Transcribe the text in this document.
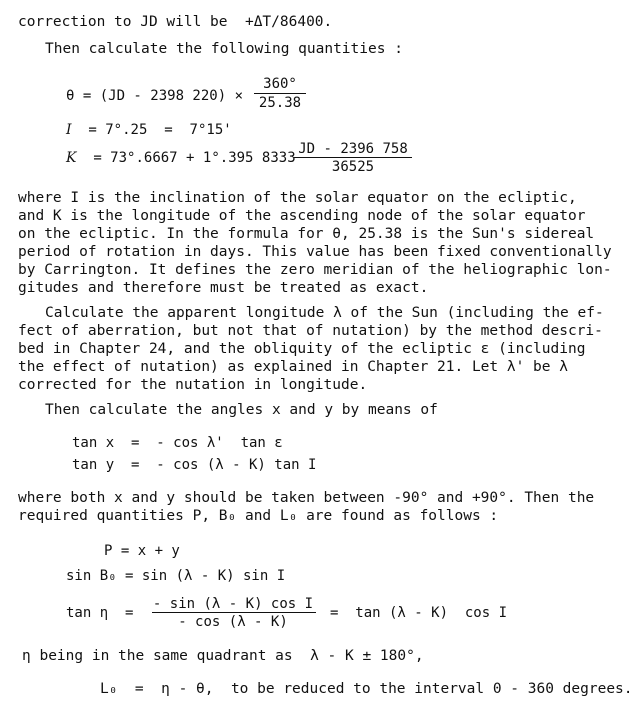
correction to JD will be  +ΔT/86400.
Then calculate the following quantities :
θ = (JD - 2398 220) ×
360°
25.38
I = 7°.25  =  7°15'
K = 73°.6667 + 1°.395 8333
JD - 2396 758
36525
where I is the inclination of the solar equator on the ecliptic,
and K is the longitude of the ascending node of the solar equator
on the ecliptic. In the formula for θ, 25.38 is the Sun's sidereal
period of rotation in days. This value has been fixed conventionally
by Carrington. It defines the zero meridian of the heliographic lon-
gitudes and therefore must be treated as exact.
Calculate the apparent longitude λ of the Sun (including the ef-
fect of aberration, but not that of nutation) by the method descri-
bed in Chapter 24, and the obliquity of the ecliptic ε (including
the effect of nutation) as explained in Chapter 21. Let λ' be λ
corrected for the nutation in longitude.
Then calculate the angles x and y by means of
tan x  =  - cos λ'  tan ε
tan y  =  - cos (λ - K) tan I
where both x and y should be taken between -90° and +90°. Then the
required quantities P, B₀ and L₀ are found as follows :
P = x + y
sin B₀ = sin (λ - K) sin I
tan η  =
- sin (λ - K) cos I
- cos (λ - K)
=  tan (λ - K)  cos I
η being in the same quadrant as  λ - K ± 180°,
L₀  =  η - θ,  to be reduced to the interval 0 - 360 degrees.
